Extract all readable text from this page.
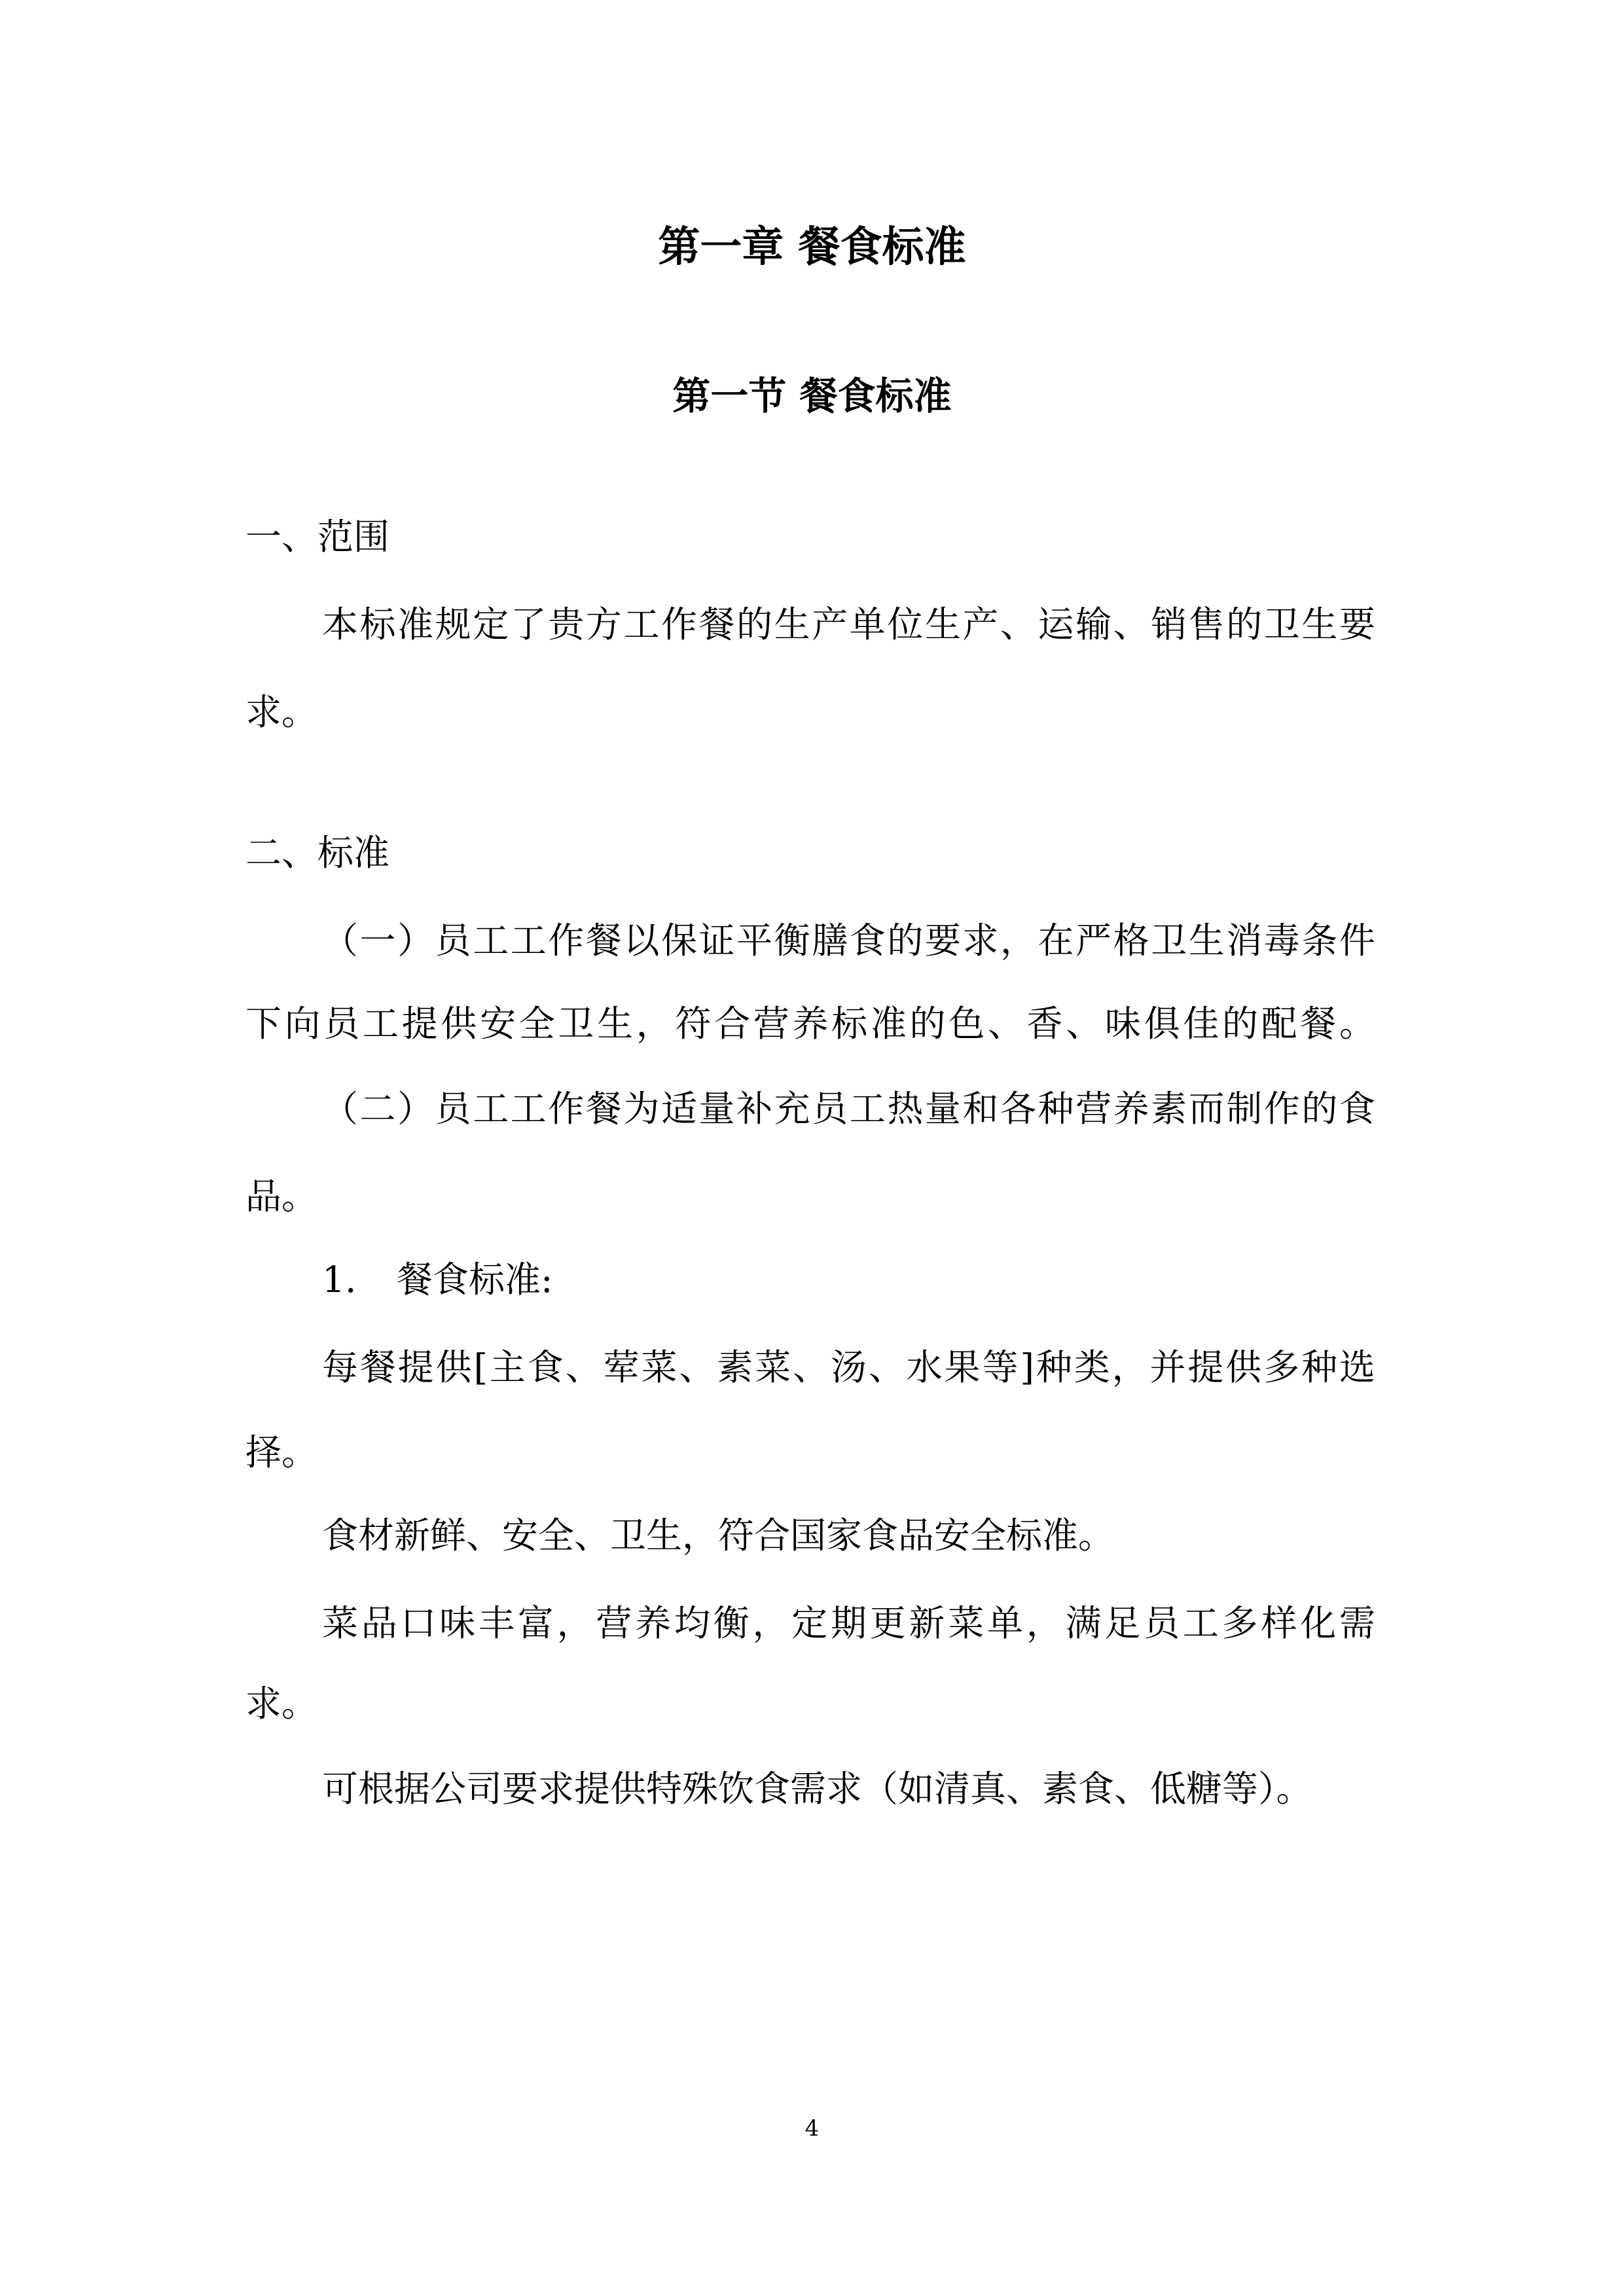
第一章 餐食标准
第一节 餐食标准
一、范围
本标准规定了贵方工作餐的生产单位生产、运输、销售的卫生要
求。
二、标准
（一）员工工作餐以保证平衡膳食的要求，在严格卫生消毒条件
下向员工提供安全卫生，符合营养标准的色、香、味俱佳的配餐。
（二）员工工作餐为适量补充员工热量和各种营养素而制作的食
品。
1. 餐食标准:
每餐提供[主食、荤菜、素菜、汤、水果等]种类，并提供多种选
择。
食材新鲜、安全、卫生，符合国家食品安全标准。
菜品口味丰富，营养均衡，定期更新菜单，满足员工多样化需
求。
可根据公司要求提供特殊饮食需求（如清真、素食、低糖等）。
4
